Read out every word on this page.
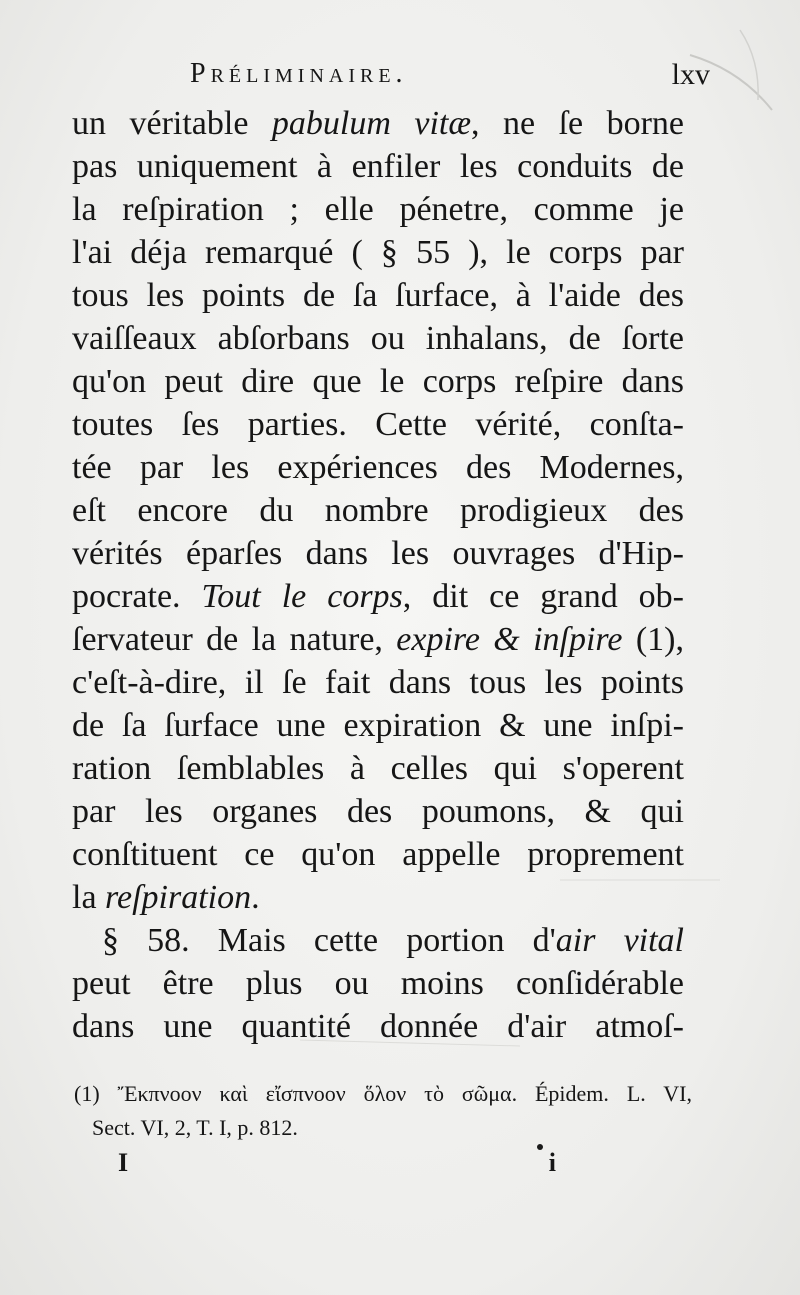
Préliminaire.	lxv
un véritable pabulum vitæ, ne ſe borne
pas uniquement à enfiler les conduits de
la reſpiration ; elle pénetre, comme je
l'ai déja remarqué ( § 55 ), le corps par
tous les points de ſa ſurface, à l'aide des
vaiſſeaux abſorbans ou inhalans, de ſorte
qu'on peut dire que le corps reſpire dans
toutes ſes parties. Cette vérité, conſta-
tée par les expériences des Modernes,
eſt encore du nombre prodigieux des
vérités éparſes dans les ouvrages d'Hip-
pocrate. Tout le corps, dit ce grand ob-
ſervateur de la nature, expire & inſpire (1),
c'eſt-à-dire, il ſe fait dans tous les points
de ſa ſurface une expiration & une inſpi-
ration ſemblables à celles qui s'operent
par les organes des poumons, & qui
conſtituent ce qu'on appelle proprement
la reſpiration.
§ 58. Mais cette portion d'air vital
peut être plus ou moins conſidérable
dans une quantité donnée d'air atmoſ-
(1) Ἔκπνοον καὶ εἴσπνοον ὅλον τὸ σῶμα. Épidem. L. VI,
Sect. VI, 2, T. I, p. 812.
I	i
